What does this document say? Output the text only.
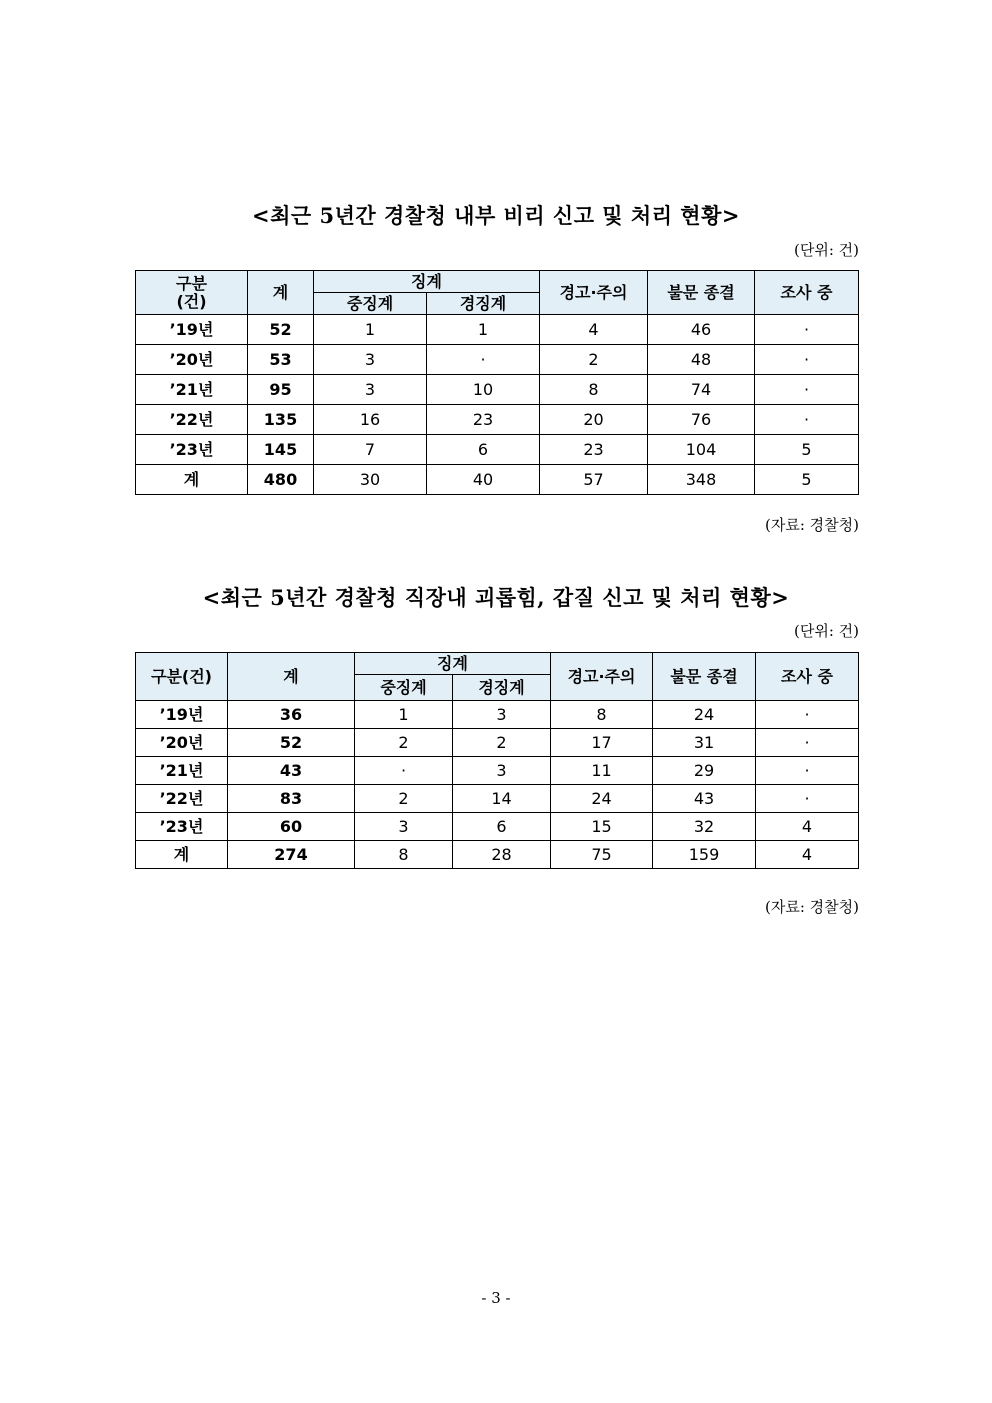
<최근 5년간 경찰청 내부 비리 신고 및 처리 현황>
(단위: 건)
구분
(건)	계	징계		경고·주의	불문 종결	조사 중
		중징계	경징계			
’19년	52	1	1	4	46	·
’20년	53	3	·	2	48	·
’21년	95	3	10	8	74	·
’22년	135	16	23	20	76	·
’23년	145	7	6	23	104	5
계	480	30	40	57	348	5
(자료: 경찰청)
<최근 5년간 경찰청 직장내 괴롭힘, 갑질 신고 및 처리 현황>
(단위: 건)
구분(건)	계	징계		경고·주의	불문 종결	조사 중
		중징계	경징계			
’19년	36	1	3	8	24	·
’20년	52	2	2	17	31	·
’21년	43	·	3	11	29	·
’22년	83	2	14	24	43	·
’23년	60	3	6	15	32	4
계	274	8	28	75	159	4
(자료: 경찰청)
- 3 -
